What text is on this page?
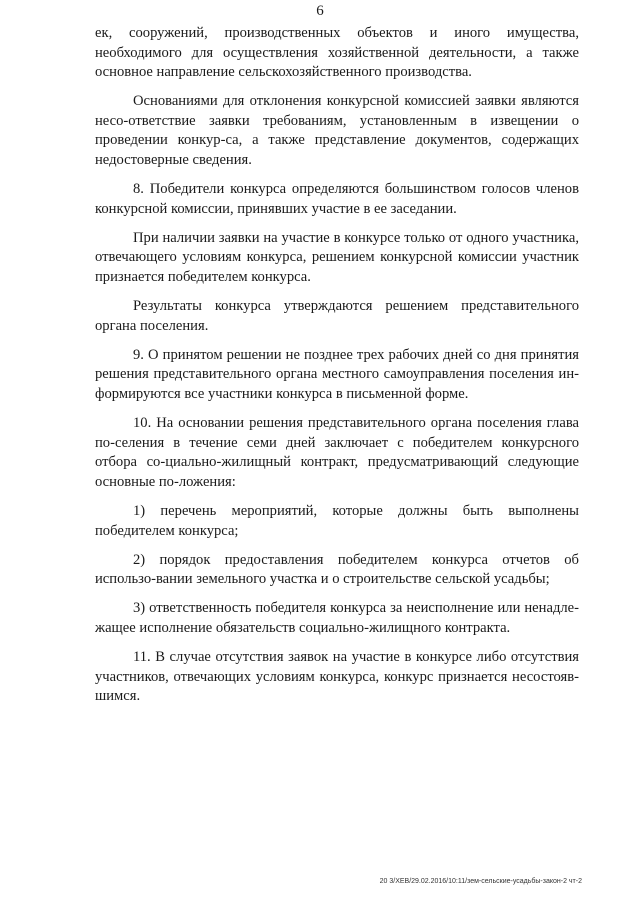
6

ек, сооружений, производственных объектов и иного имущества, необходимого для осуществления хозяйственной деятельности, а также основное направление сельскохозяйственного производства.

Основаниями для отклонения конкурсной комиссией заявки являются несо-ответствие заявки требованиям, установленным в извещении о проведении конкур-са, а также представление документов, содержащих недостоверные сведения.

8. Победители конкурса определяются большинством голосов членов конкурсной комиссии, принявших участие в ее заседании.

При наличии заявки на участие в конкурсе только от одного участника, отвечающего условиям конкурса, решением конкурсной комиссии участник признается победителем конкурса.

Результаты конкурса утверждаются решением представительного органа поселения.

9. О принятом решении не позднее трех рабочих дней со дня принятия решения представительного органа местного самоуправления поселения ин-формируются все участники конкурса в письменной форме.

10. На основании решения представительного органа поселения глава по-селения в течение семи дней заключает с победителем конкурсного отбора со-циально-жилищный контракт, предусматривающий следующие основные по-ложения:

1) перечень мероприятий, которые должны быть выполнены победителем конкурса;

2) порядок предоставления победителем конкурса отчетов об использо-вании земельного участка и о строительстве сельской усадьбы;

3) ответственность победителя конкурса за неисполнение или ненадле-жащее исполнение обязательств социально-жилищного контракта.

11. В случае отсутствия заявок на участие в конкурсе либо отсутствия участников, отвечающих условиям конкурса, конкурс признается несостояв-шимся.

20 3/ХЕВ/29.02.2016/10:11/зем-сельские-усадьбы-закон-2 чт-2
